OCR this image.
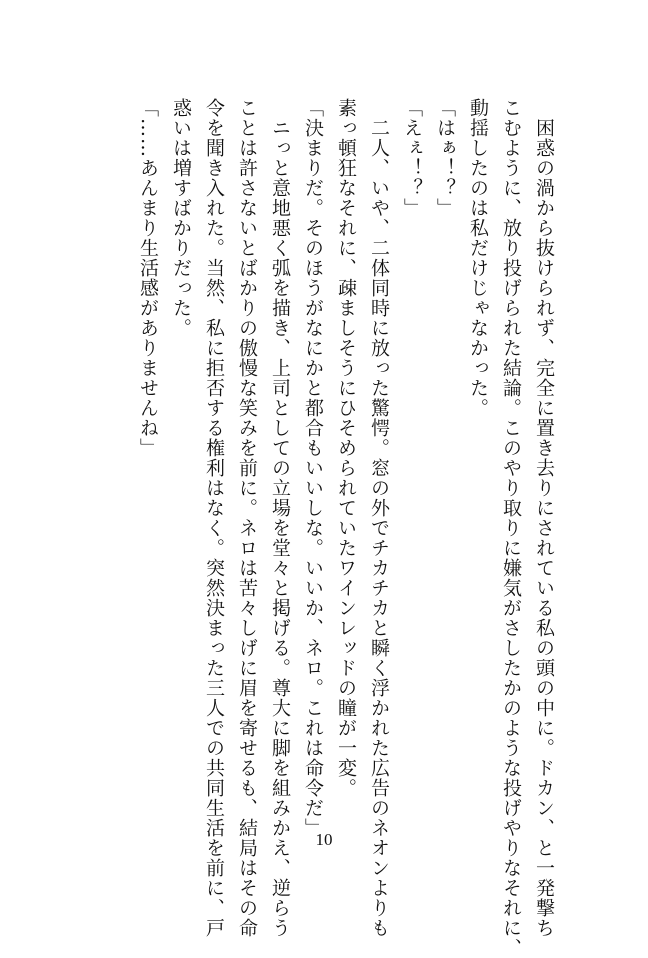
　困惑の渦から抜けられず、完全に置き去りにされている私の頭の中に。ドカン、と一発撃ち

こむように、放り投げられた結論。このやり取りに嫌気がさしたかのような投げやりなそれに、

動揺したのは私だけじゃなかった。

「はぁ！？」

「えぇ！？」

　二人、いや、二体同時に放った驚愕。窓の外でチカチカと瞬く浮かれた広告のネオンよりも

素っ頓狂なそれに、疎ましそうにひそめられていたワインレッドの瞳が一変。

「決まりだ。そのほうがなにかと都合もいいしな。いいか、ネロ。これは命令だ」

　ニっと意地悪く弧を描き、上司としての立場を堂々と掲げる。尊大に脚を組みかえ、逆らう

ことは許さないとばかりの傲慢な笑みを前に。ネロは苦々しげに眉を寄せるも、結局はその命

令を聞き入れた。当然、私に拒否する権利はなく。突然決まった三人での共同生活を前に、戸

惑いは増すばかりだった。

「……あんまり生活感がありませんね」

10
